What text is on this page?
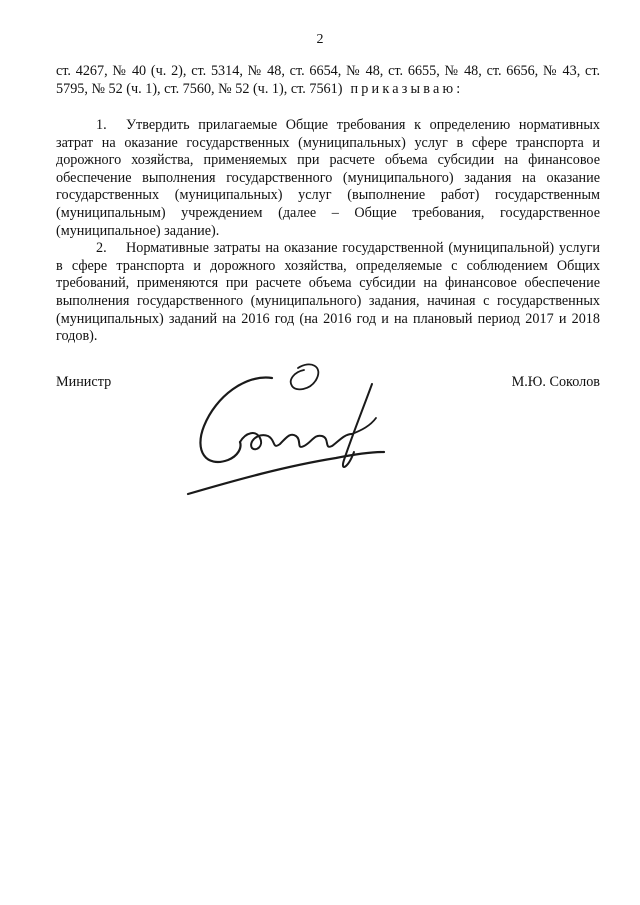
2
ст. 4267, № 40 (ч. 2), ст. 5314, № 48, ст. 6654, № 48, ст. 6655, № 48, ст. 6656, № 43, ст. 5795, № 52 (ч. 1), ст. 7560, № 52 (ч. 1), ст. 7561) приказываю:
1. Утвердить прилагаемые Общие требования к определению нормативных затрат на оказание государственных (муниципальных) услуг в сфере транспорта и дорожного хозяйства, применяемых при расчете объема субсидии на финансовое обеспечение выполнения государственного (муниципального) задания на оказание государственных (муниципальных) услуг (выполнение работ) государственным (муниципальным) учреждением (далее – Общие требования, государственное (муниципальное) задание).
2. Нормативные затраты на оказание государственной (муниципальной) услуги в сфере транспорта и дорожного хозяйства, определяемые с соблюдением Общих требований, применяются при расчете объема субсидии на финансовое обеспечение выполнения государственного (муниципального) задания, начиная с государственных (муниципальных) заданий на 2016 год (на 2016 год и на плановый период 2017 и 2018 годов).
Министр	М.Ю. Соколов
